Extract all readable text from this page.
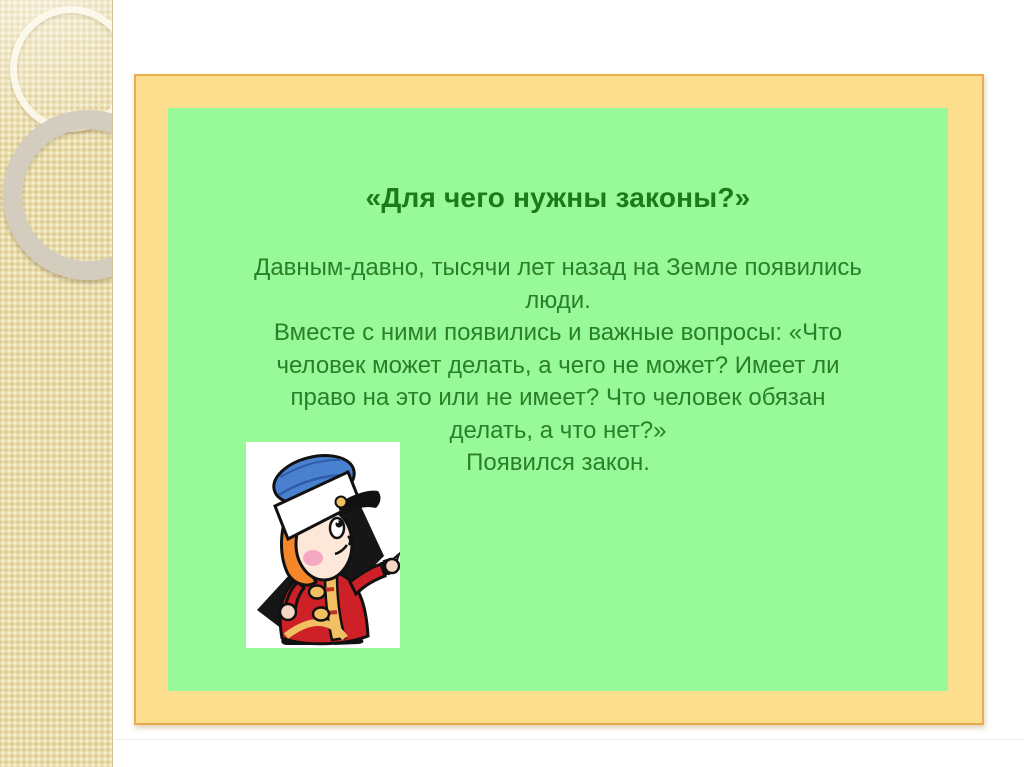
«Для чего нужны законы?»
Давным-давно, тысячи лет назад на Земле появились
люди.
Вместе с ними появились и важные вопросы: «Что
человек может делать, а чего не может? Имеет ли
право на это или не имеет? Что человек обязан
делать, а что нет?»
Появился закон.
